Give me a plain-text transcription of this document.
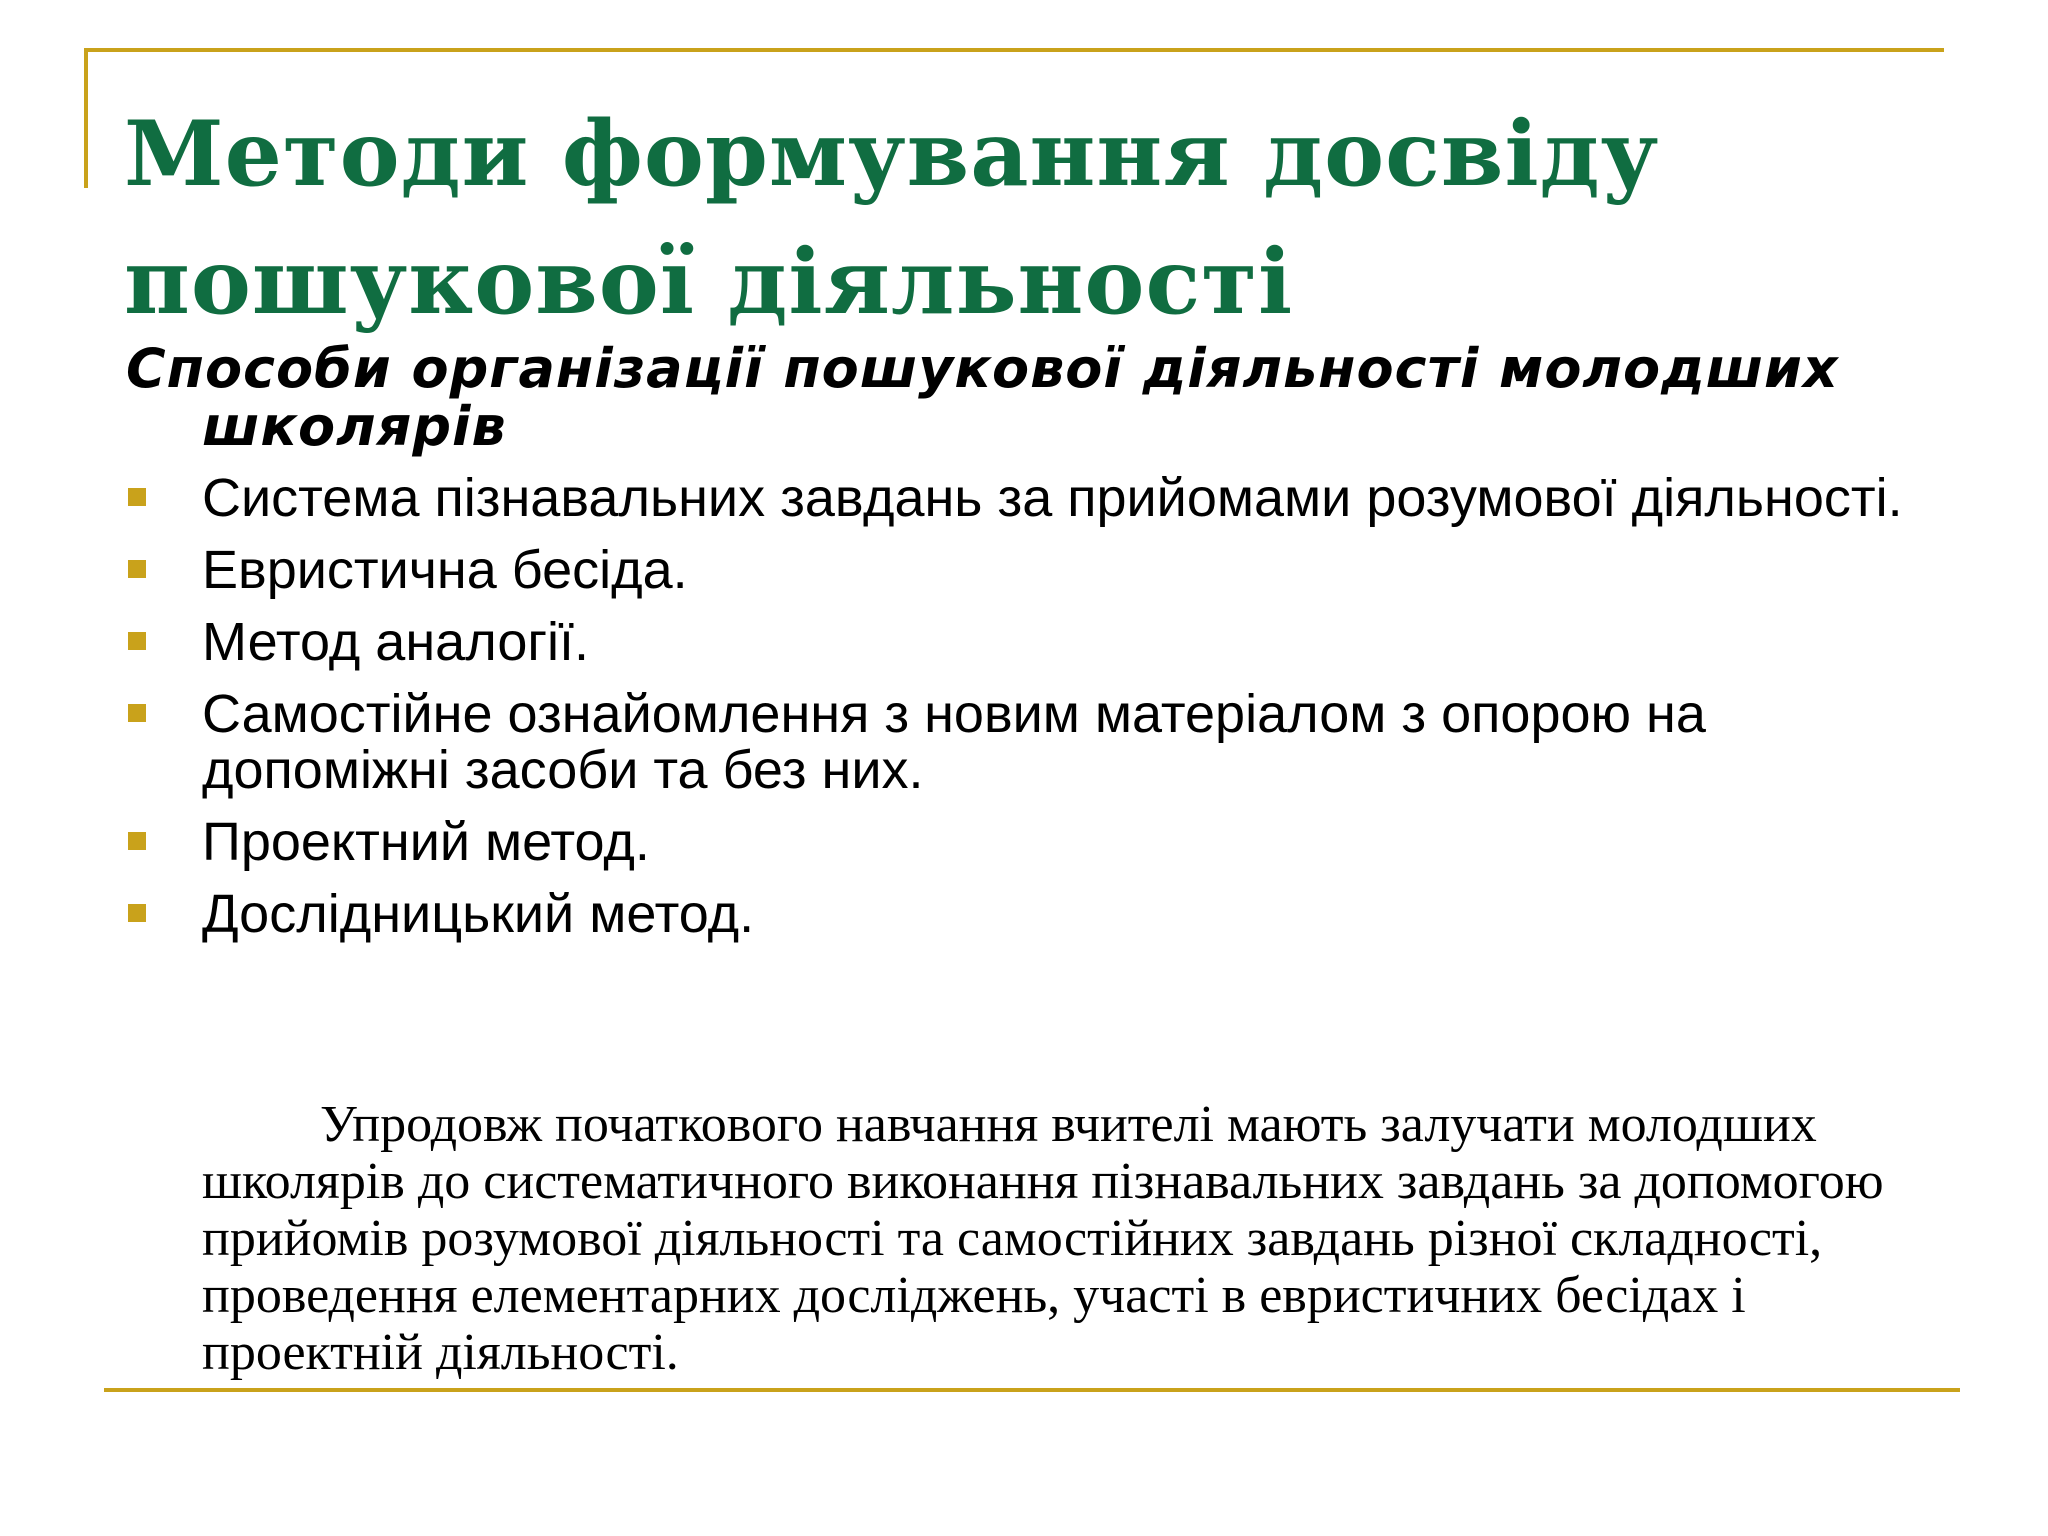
Методи формування досвіду пошукової діяльності

Способи організації пошукової діяльності молодших школярів

Система пізнавальних завдань за прийомами розумової діяльності.
Евристична бесіда.
Метод аналогії.
Самостійне ознайомлення з новим матеріалом з опорою на допоміжні засоби та без них.
Проектний метод.
Дослідницький метод.

Упродовж початкового навчання вчителі мають залучати молодших школярів до систематичного виконання пізнавальних завдань за допомогою прийомів розумової діяльності та самостійних завдань різної складності, проведення елементарних досліджень, участі в евристичних бесідах і проектній діяльності.
